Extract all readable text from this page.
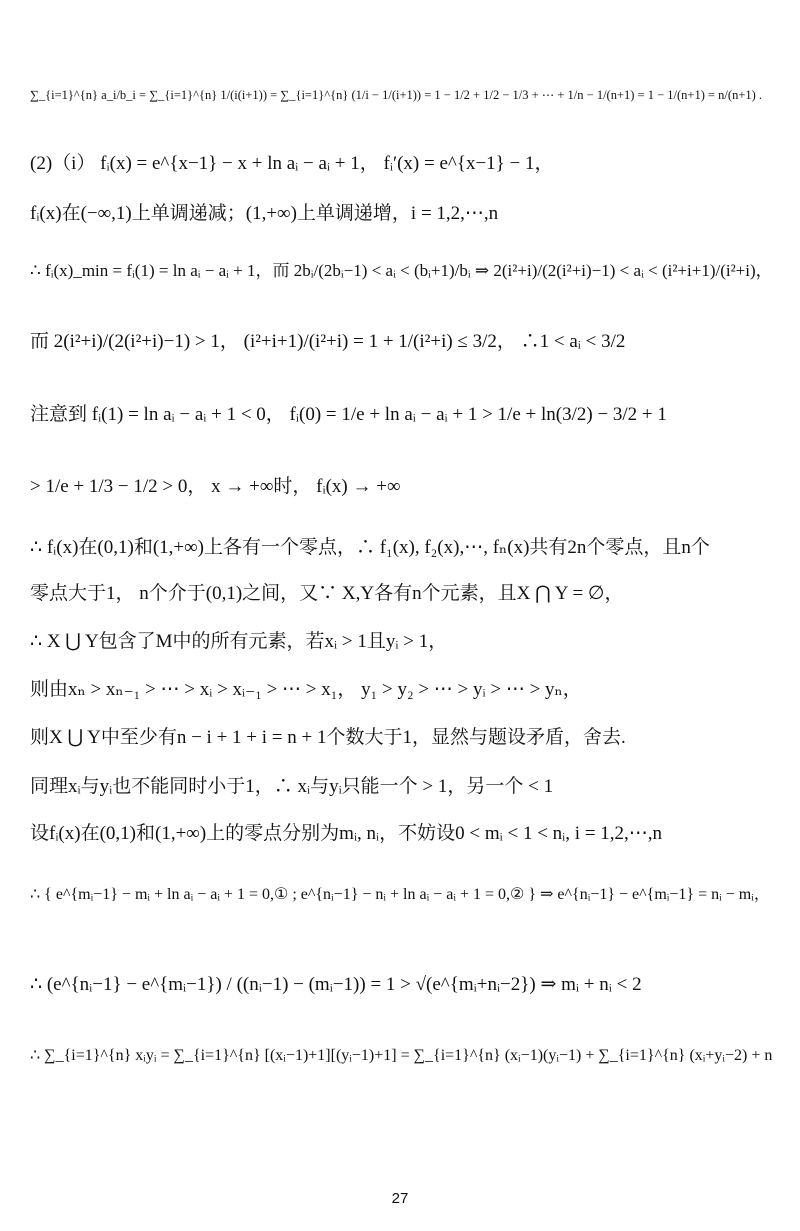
∑_{i=1}^{n} a_i/b_i = ∑_{i=1}^{n} 1/(i(i+1)) = ∑_{i=1}^{n} (1/i − 1/(i+1)) = 1 − 1/2 + 1/2 − 1/3 + ⋯ + 1/n − 1/(n+1) = 1 − 1/(n+1) = n/(n+1) .
(2)（i） fᵢ(x) = e^{x−1} − x + ln aᵢ − aᵢ + 1， fᵢ′(x) = e^{x−1} − 1，
fᵢ(x)在(−∞,1)上单调递减；(1,+∞)上单调递增，i = 1,2,⋯,n
∴ fᵢ(x)_min = fᵢ(1) = ln aᵢ − aᵢ + 1，而 2bᵢ/(2bᵢ−1) < aᵢ < (bᵢ+1)/bᵢ ⇒ 2(i²+i)/(2(i²+i)−1) < aᵢ < (i²+i+1)/(i²+i)，
而 2(i²+i)/(2(i²+i)−1) > 1， (i²+i+1)/(i²+i) = 1 + 1/(i²+i) ≤ 3/2， ∴1 < aᵢ < 3/2
注意到 fᵢ(1) = ln aᵢ − aᵢ + 1 < 0， fᵢ(0) = 1/e + ln aᵢ − aᵢ + 1 > 1/e + ln(3/2) − 3/2 + 1
> 1/e + 1/3 − 1/2 > 0， x → +∞时， fᵢ(x) → +∞
∴ fᵢ(x)在(0,1)和(1,+∞)上各有一个零点，∴ f₁(x), f₂(x),⋯, fₙ(x)共有2n个零点，且n个
零点大于1， n个介于(0,1)之间，又∵ X,Y各有n个元素，且X ⋂ Y = ∅，
∴ X ⋃ Y包含了M中的所有元素，若xᵢ > 1且yᵢ > 1，
则由xₙ > xₙ₋₁ > ⋯ > xᵢ > xᵢ₋₁ > ⋯ > x₁， y₁ > y₂ > ⋯ > yᵢ > ⋯ > yₙ，
则X ⋃ Y中至少有n − i + 1 + i = n + 1个数大于1，显然与题设矛盾，舍去.
同理xᵢ与yᵢ也不能同时小于1，∴ xᵢ与yᵢ只能一个 > 1，另一个 < 1
设fᵢ(x)在(0,1)和(1,+∞)上的零点分别为mᵢ, nᵢ，不妨设0 < mᵢ < 1 < nᵢ, i = 1,2,⋯,n
∴ { e^{mᵢ−1} − mᵢ + ln aᵢ − aᵢ + 1 = 0,① ; e^{nᵢ−1} − nᵢ + ln aᵢ − aᵢ + 1 = 0,② } ⇒ e^{nᵢ−1} − e^{mᵢ−1} = nᵢ − mᵢ，
∴ (e^{nᵢ−1} − e^{mᵢ−1}) / ((nᵢ−1) − (mᵢ−1)) = 1 > √(e^{mᵢ+nᵢ−2}) ⇒ mᵢ + nᵢ < 2
∴ ∑_{i=1}^{n} xᵢyᵢ = ∑_{i=1}^{n} [(xᵢ−1)+1][(yᵢ−1)+1] = ∑_{i=1}^{n} (xᵢ−1)(yᵢ−1) + ∑_{i=1}^{n} (xᵢ+yᵢ−2) + n
27
